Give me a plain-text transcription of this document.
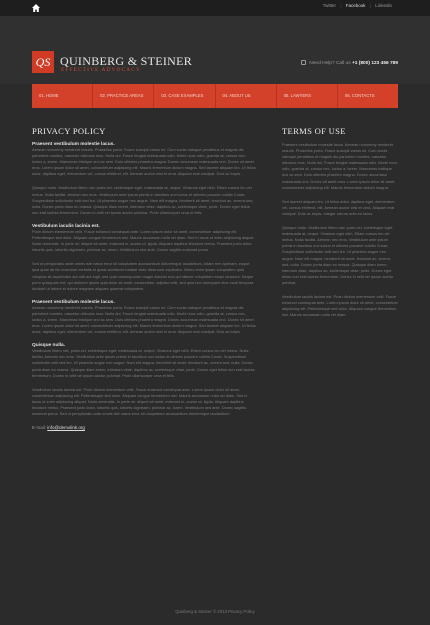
Twitter | Facebook | Linkedin
QS QUINBERG & STEINER
EFFECTIVE ADVOCACY
Need Help? Call us +1 (800) 123 456 789
01. HOME	02. PRACTICE AREAS	03. CASE EXAMPLES	04. ABOUT US	05. LAWYERS	06. CONTACTS
PRIVACY POLICY
Praesent vestibulum molestie lacus.
Aenean nonummy hendrerit mauris. Phasellus porta. Fusce suscipit varius mi. Cum sociis natoque penatibus et magnis dis parturient montes, nascetur ridiculus mus. Nulla dui. Fusce feugiat malesuada odio. Morbi nunc odio, gravida at, cursus nec, luctus a, lorem. Maecenas tristique orci ac sem. Duis ultricies pharetra magna. Donec accumsan malesuada orci. Donec sit amet eros. Lorem ipsum dolor sit amet, consectetuer adipiscing elit. Mauris fermentum dictum magna. Sed laoreet aliquam leo. Ut tellus dolor, dapibus eget, elementum vel, cursus eleifend, elit. Aenean auctor wisi et urna. Aliquam erat volutpat. Duis ac turpis.
Quisque nulla. Vestibulum libero nisl, porta vel, scelerisque eget, malesuada at, neque. Vivamus eget nibh. Etiam cursus leo vel metus. Nulla facilisi. Aenean nec eros. Vestibulum ante ipsum primis in faucibus orci luctus et ultrices posuere cubilia Curae; Suspendisse sollicitudin velit sed leo. Ut pharetra augue nec augue. Nam elit magna, hendrerit sit amet, tincidunt ac, viverra sed, nulla. Donec porta diam eu massa. Quisque diam lorem, interdum vitae, dapibus ac, scelerisque vitae, pede. Donec eget tellus non erat lacinia fermentum. Donec in velit vel ipsum auctor pulvinar. Proin ullamcorper urna et felis.
Vestibulum iaculis lacinia est.
Proin dictum elementum velit. Fusce euismod consequat ante. Lorem ipsum dolor sit amet, consectetuer adipiscing elit. Pellentesque sed dolor. Aliquam congue fermentum nisl. Mauris accumsan nulla vel diam. Sed in lacus ut enim adipiscing aliquet. Nulla venenatis. In pede mi, aliquet sit amet, euismod in, auctor ut, ligula. Aliquam dapibus tincidunt metus. Praesent justo dolor, lobortis quis, lobortis dignissim, pulvinar ac, lorem. Vestibulum sed ante. Donec sagittis euismod purus.
Sed ut perspiciatis unde omnis iste natus error sit voluptatem accusantium doloremque laudantium, totam rem aperiam, eaque ipsa quae ab illo inventore veritatis et quasi architecto beatae vitae dicta sunt explicabo. Nemo enim ipsam voluptatem quia voluptas sit aspernatur aut odit aut fugit, sed quia consequuntur magni dolores eos qui ratione voluptatem sequi nesciunt. Neque porro quisquam est, qui dolorem ipsum quia dolor sit amet, consectetur, adipisci velit, sed quia non numquam eius modi tempora incidunt ut labore et dolore magnam aliquam quaerat voluptatem.
Praesent vestibulum molestie lacus.
Aenean nonummy hendrerit mauris. Phasellus porta. Fusce suscipit varius mi. Cum sociis natoque penatibus et magnis dis parturient montes, nascetur ridiculus mus. Nulla dui. Fusce feugiat malesuada odio. Morbi nunc odio, gravida at, cursus nec, luctus a, lorem. Maecenas tristique orci ac sem. Duis ultricies pharetra magna. Donec accumsan malesuada orci. Donec sit amet eros. Lorem ipsum dolor sit amet, consectetuer adipiscing elit. Mauris fermentum dictum magna. Sed laoreet aliquam leo. Ut tellus dolor, dapibus eget, elementum vel, cursus eleifend, elit. Aenean auctor wisi et urna. Aliquam erat volutpat. Duis ac turpis.
Quisque nulla.
Vestibulum libero nisl, porta vel, scelerisque eget, malesuada at, neque. Vivamus eget nibh. Etiam cursus leo vel metus. Nulla facilisi. Aenean nec eros. Vestibulum ante ipsum primis in faucibus orci luctus et ultrices posuere cubilia Curae; Suspendisse sollicitudin velit sed leo. Ut pharetra augue nec augue. Nam elit magna, hendrerit sit amet, tincidunt ac, viverra sed, nulla. Donec porta diam eu massa. Quisque diam lorem, interdum vitae, dapibus ac, scelerisque vitae, pede. Donec eget tellus non erat lacinia fermentum. Donec in velit vel ipsum auctor pulvinar. Proin ullamcorper urna et felis.
Vestibulum iaculis lacinia est. Proin dictum elementum velit. Fusce euismod consequat ante. Lorem ipsum dolor sit amet, consectetuer adipiscing elit. Pellentesque sed dolor. Aliquam congue fermentum nisl. Mauris accumsan nulla vel diam. Sed in lacus ut enim adipiscing aliquet. Nulla venenatis. In pede mi, aliquet sit amet, euismod in, auctor ut, ligula. Aliquam dapibus tincidunt metus. Praesent justo dolor, lobortis quis, lobortis dignissim, pulvinar ac, lorem. Vestibulum sed ante. Donec sagittis euismod purus. Sed ut perspiciatis unde omnis iste natus error sit voluptatem accusantium doloremque laudantium.
E-mail: info@demolink.org
TERMS OF USE
Praesent vestibulum molestie lacus. Aenean nonummy hendrerit mauris. Phasellus porta. Fusce suscipit varius mi. Cum sociis natoque penatibus et magnis dis parturient montes, nascetur ridiculus mus. Nulla dui. Fusce feugiat malesuada odio. Morbi nunc odio, gravida at, cursus nec, luctus a, lorem. Maecenas tristique orci ac sem. Duis ultricies pharetra magna. Donec accumsan malesuada orci. Donec sit amet eros. Lorem ipsum dolor sit amet, consectetuer adipiscing elit. Mauris fermentum dictum magna.
Sed laoreet aliquam leo. Ut tellus dolor, dapibus eget, elementum vel, cursus eleifend, elit. Aenean auctor wisi et urna. Aliquam erat volutpat. Duis ac turpis. Integer rutrum ante eu lacus.
Quisque nulla. Vestibulum libero nisl, porta vel, scelerisque eget, malesuada at, neque. Vivamus eget nibh. Etiam cursus leo vel metus. Nulla facilisi. Aenean nec eros. Vestibulum ante ipsum primis in faucibus orci luctus et ultrices posuere cubilia Curae; Suspendisse sollicitudin velit sed leo. Ut pharetra augue nec augue. Nam elit magna, hendrerit sit amet, tincidunt ac, viverra sed, nulla. Donec porta diam eu massa. Quisque diam lorem, interdum vitae, dapibus ac, scelerisque vitae, pede. Donec eget tellus non erat lacinia fermentum. Donec in velit vel ipsum auctor pulvinar.
Vestibulum iaculis lacinia est. Proin dictum elementum velit. Fusce euismod consequat ante. Lorem ipsum dolor sit amet, consectetuer adipiscing elit. Pellentesque sed dolor. Aliquam congue fermentum nisl. Mauris accumsan nulla vel diam.
Quinberg & Steiner © 2013 Privacy Policy
